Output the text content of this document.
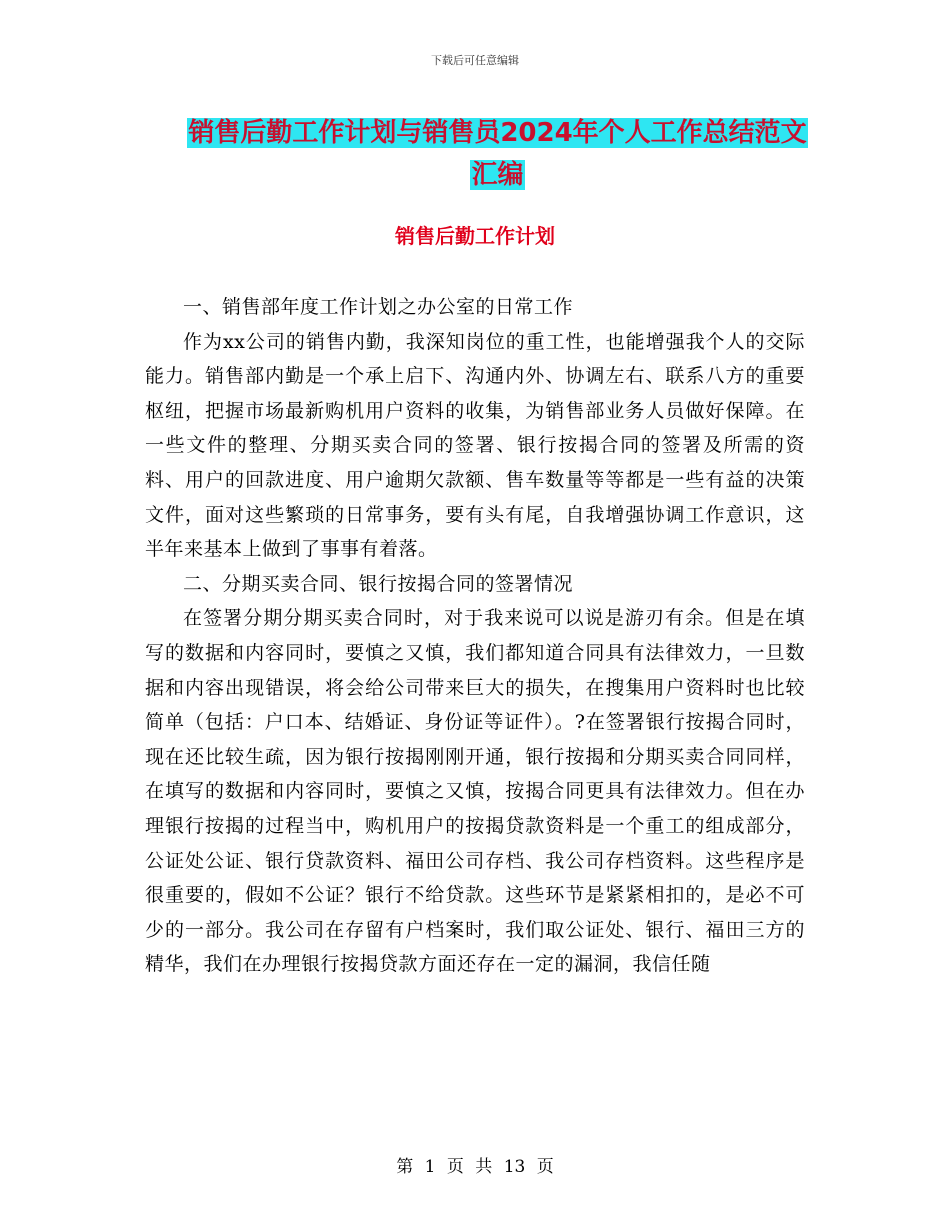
下载后可任意编辑
销售后勤工作计划与销售员2024年个人工作总结范文
汇编
销售后勤工作计划

一、销售部年度工作计划之办公室的日常工作

作为xx公司的销售内勤，我深知岗位的重工性，也能增强我个人的交际能力。销售部内勤是一个承上启下、沟通内外、协调左右、联系八方的重要枢纽，把握市场最新购机用户资料的收集，为销售部业务人员做好保障。在一些文件的整理、分期买卖合同的签署、银行按揭合同的签署及所需的资料、用户的回款进度、用户逾期欠款额、售车数量等等都是一些有益的决策文件，面对这些繁琐的日常事务，要有头有尾，自我增强协调工作意识，这半年来基本上做到了事事有着落。

二、分期买卖合同、银行按揭合同的签署情况

在签署分期分期买卖合同时，对于我来说可以说是游刃有余。但是在填写的数据和内容同时，要慎之又慎，我们都知道合同具有法律效力，一旦数据和内容出现错误，将会给公司带来巨大的损失，在搜集用户资料时也比较简单（包括：户口本、结婚证、身份证等证件）。?在签署银行按揭合同时，现在还比较生疏，因为银行按揭刚刚开通，银行按揭和分期买卖合同同样，在填写的数据和内容同时，要慎之又慎，按揭合同更具有法律效力。但在办理银行按揭的过程当中，购机用户的按揭贷款资料是一个重工的组成部分，公证处公证、银行贷款资料、福田公司存档、我公司存档资料。这些程序是很重要的，假如不公证？银行不给贷款。这些环节是紧紧相扣的，是必不可少的一部分。我公司在存留有户档案时，我们取公证处、银行、福田三方的精华，我们在办理银行按揭贷款方面还存在一定的漏洞，我信任随

第 1 页 共 13 页
